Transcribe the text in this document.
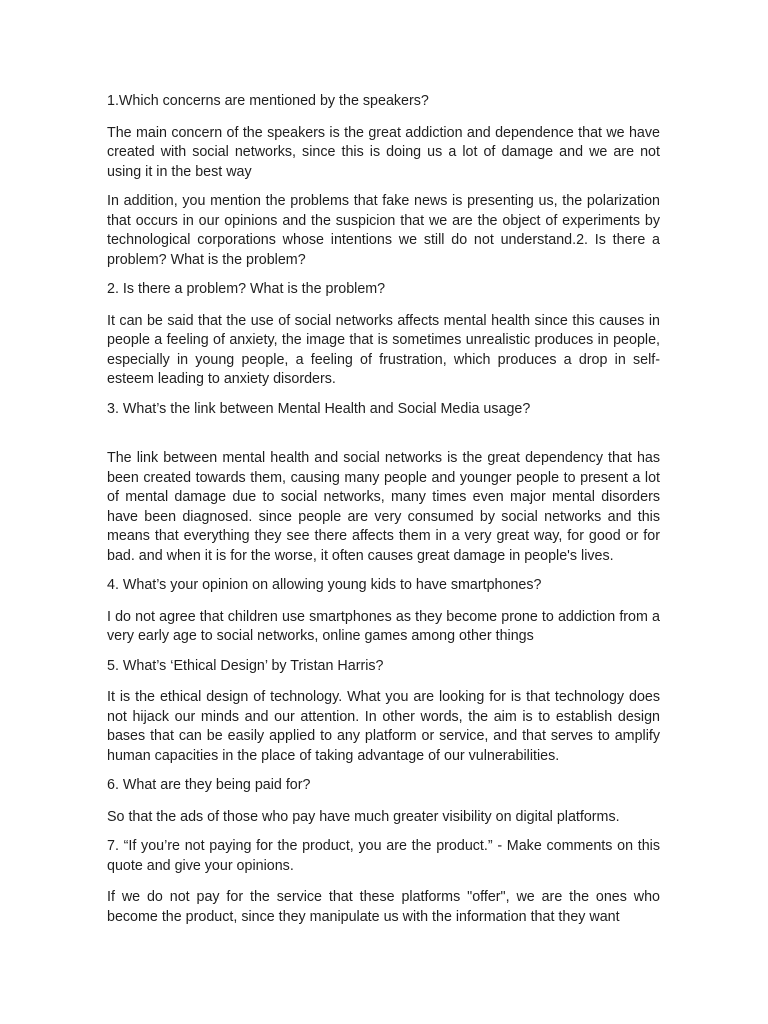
1.Which concerns are mentioned by the speakers?

The main concern of the speakers is the great addiction and dependence that we have created with social networks, since this is doing us a lot of damage and we are not using it in the best way

In addition, you mention the problems that fake news is presenting us, the polarization that occurs in our opinions and the suspicion that we are the object of experiments by technological corporations whose intentions we still do not understand.2. Is there a problem? What is the problem?

2. Is there a problem? What is the problem?

It can be said that the use of social networks affects mental health since this causes in people a feeling of anxiety, the image that is sometimes unrealistic produces in people, especially in young people, a feeling of frustration, which produces a drop in self-esteem leading to anxiety disorders.

3. What’s the link between Mental Health and Social Media usage?

The link between mental health and social networks is the great dependency that has been created towards them, causing many people and younger people to present a lot of mental damage due to social networks, many times even major mental disorders have been diagnosed. since people are very consumed by social networks and this means that everything they see there affects them in a very great way, for good or for bad. and when it is for the worse, it often causes great damage in people's lives.

4. What’s your opinion on allowing young kids to have smartphones?

I do not agree that children use smartphones as they become prone to addiction from a very early age to social networks, online games among other things

5. What’s ‘Ethical Design’ by Tristan Harris?

It is the ethical design of technology. What you are looking for is that technology does not hijack our minds and our attention. In other words, the aim is to establish design bases that can be easily applied to any platform or service, and that serves to amplify human capacities in the place of taking advantage of our vulnerabilities.

6. What are they being paid for?

So that the ads of those who pay have much greater visibility on digital platforms.

7. “If you’re not paying for the product, you are the product.” - Make comments on this quote and give your opinions.

If we do not pay for the service that these platforms "offer", we are the ones who become the product, since they manipulate us with the information that they want
